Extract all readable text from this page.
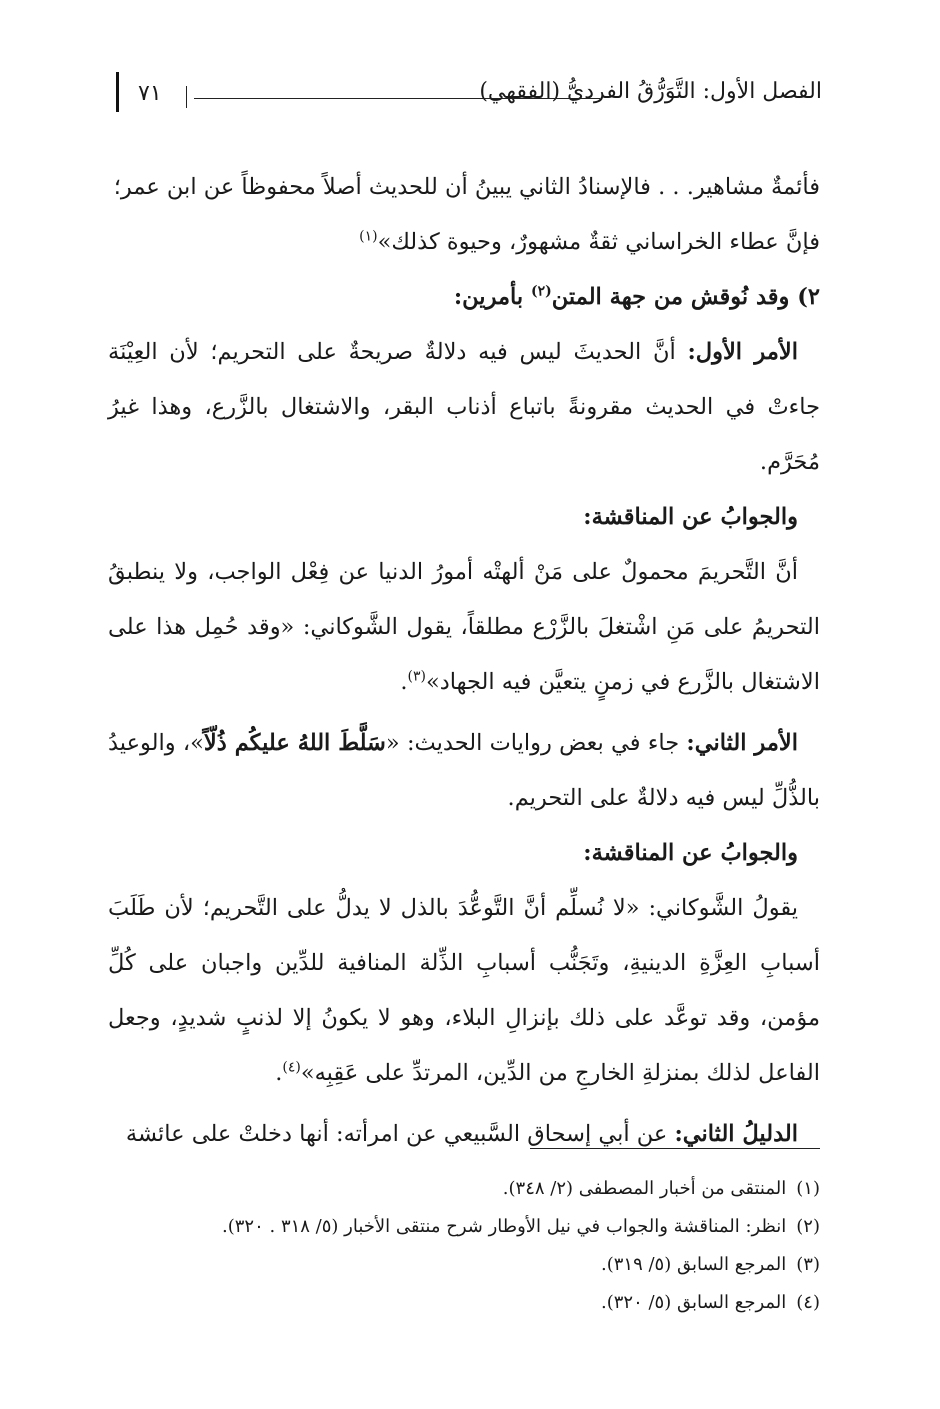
الفصل الأول: التَّوَرُّقُ الفرديُّ (الفقهي)
٧١

فأئمةٌ مشاهير. . . فالإسنادُ الثاني يبينُ أن للحديث أصلاً محفوظاً عن ابن عمر؛
فإنَّ عطاء الخراساني ثقةٌ مشهورٌ، وحيوة كذلك»$^{(١)}$

٢) وقد نُوقش من جهة المتن$^{(٢)}$ بأمرين:

الأمر الأول: أنَّ الحديثَ ليس فيه دلالةٌ صريحةٌ على التحريم؛ لأن العِيْنَة جاءتْ في الحديث مقرونةً باتباع أذناب البقر، والاشتغال بالزَّرع، وهذا غيرُ مُحَرَّم.

والجوابُ عن المناقشة:

أنَّ التَّحريمَ محمولٌ على مَنْ ألهتْه أمورُ الدنيا عن فِعْل الواجب، ولا ينطبقُ التحريمُ على مَنِ اشْتغلَ بالزَّرْع مطلقاً، يقول الشَّوكاني: «وقد حُمِل هذا على الاشتغال بالزَّرع في زمنٍ يتعيَّن فيه الجهاد»$^{(٣)}$.

الأمر الثاني: جاء في بعض روايات الحديث: «سَلَّطَ اللهُ عليكُم ذُلّاً»، والوعيدُ بالذُّلِّ ليس فيه دلالةٌ على التحريم.

والجوابُ عن المناقشة:

يقولُ الشَّوكاني: «لا نُسلِّم أنَّ التَّوعُّدَ بالذل لا يدلُّ على التَّحريم؛ لأن طَلَبَ أسبابِ العِزَّةِ الدينيةِ، وتَجَنُّب أسبابِ الذِّلة المنافية للدِّين واجبان على كُلِّ مؤمن، وقد توعَّد على ذلك بإنزالِ البلاء، وهو لا يكونُ إلا لذنبٍ شديدٍ، وجعل الفاعل لذلك بمنزلةِ الخارجِ من الدِّين، المرتدِّ على عَقِبِه»$^{(٤)}$.

الدليلُ الثاني: عن أبي إسحاق السَّبيعي عن امرأته: أنها دخلتْ على عائشة

(١)المنتقى من أخبار المصطفى (٢/ ٣٤٨).
(٢)انظر: المناقشة والجواب في نيل الأوطار شرح منتقى الأخبار (٥/ ٣١٨ . ٣٢٠).
(٣)المرجع السابق (٥/ ٣١٩).
(٤)المرجع السابق (٥/ ٣٢٠).
